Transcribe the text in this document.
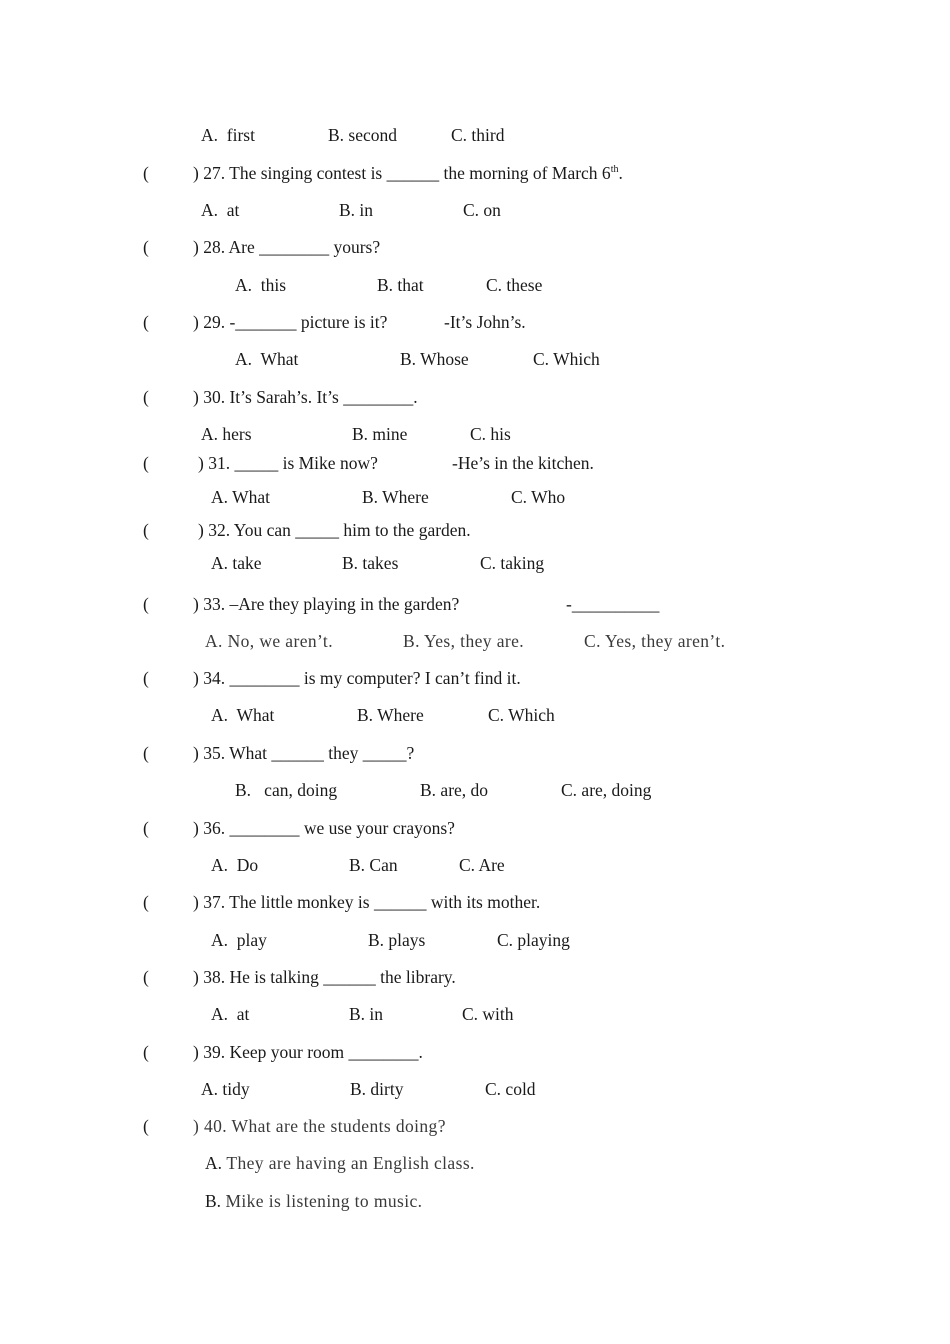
A.  first	B. second	C. third
(	) 27. The singing contest is ______ the morning of March 6th.
A.  at	B. in	C. on
(	) 28. Are ________ yours?
A.  this	B. that	C. these
(	) 29. -_______ picture is it?	-It’s John’s.
A.  What	B. Whose	C. Which
(	) 30. It’s Sarah’s. It’s ________.
A. hers	B. mine	C. his
(	) 31. _____ is Mike now?	-He’s in the kitchen.
A. What	B. Where	C. Who
(	) 32. You can _____ him to the garden.
A. take	B. takes	C. taking
(	) 33. –Are they playing in the garden?	-__________
A. No, we aren’t.	B. Yes, they are.	C. Yes, they aren’t.
(	) 34. ________ is my computer? I can’t find it.
A.  What	B. Where	C. Which
(	) 35. What ______ they _____?
B.   can, doing	B. are, do	C. are, doing
(	) 36. ________ we use your crayons?
A.  Do	B. Can	C. Are
(	) 37. The little monkey is ______ with its mother.
A.  play	B. plays	C. playing
(	) 38. He is talking ______ the library.
A.  at	B. in	C. with
(	) 39. Keep your room ________.
A. tidy	B. dirty	C. cold
(	) 40. What are the students doing?
A. They are having an English class.
B. Mike is listening to music.
